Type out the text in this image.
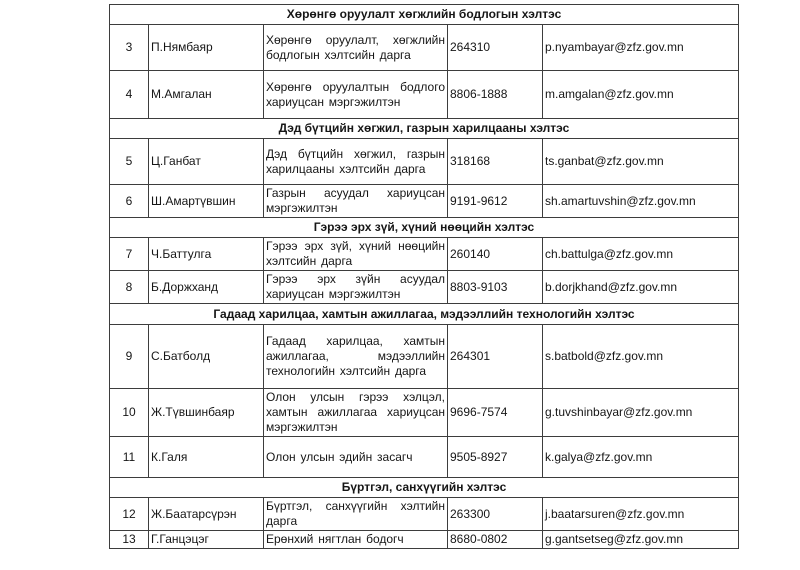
Хөрөнгө оруулалт хөгжлийн бодлогын хэлтэс				
3	П.Нямбаяр	Хөрөнгө оруулалт, хөгжлийн бодлогын хэлтсийн дарга	264310	p.nyambayar@zfz.gov.mn
4	М.Амгалан	Хөрөнгө оруулалтын бодлого хариуцсан мэргэжилтэн	8806-1888	m.amgalan@zfz.gov.mn
Дэд бүтцийн хөгжил, газрын харилцааны хэлтэс				
5	Ц.Ганбат	Дэд бүтцийн хөгжил, газрын харилцааны хэлтсийн дарга	318168	ts.ganbat@zfz.gov.mn
6	Ш.Амартүвшин	Газрын асуудал хариуцсан мэргэжилтэн	9191-9612	sh.amartuvshin@zfz.gov.mn
Гэрээ эрх зүй, хүний нөөцийн хэлтэс				
7	Ч.Баттулга	Гэрээ эрх зүй, хүний нөөцийн хэлтсийн дарга	260140	ch.battulga@zfz.gov.mn
8	Б.Доржханд	Гэрээ эрх зүйн асуудал хариуцсан мэргэжилтэн	8803-9103	b.dorjkhand@zfz.gov.mn
Гадаад харилцаа, хамтын ажиллагаа, мэдээллийн технологийн хэлтэс				
9	С.Батболд	Гадаад харилцаа, хамтын ажиллагаа, мэдээллийн технологийн хэлтсийн дарга	264301	s.batbold@zfz.gov.mn
10	Ж.Түвшинбаяр	Олон улсын гэрээ хэлцэл, хамтын ажиллагаа хариуцсан мэргэжилтэн	9696-7574	g.tuvshinbayar@zfz.gov.mn
11	К.Галя	Олон улсын эдийн засагч	9505-8927	k.galya@zfz.gov.mn
Бүртгэл, санхүүгийн хэлтэс				
12	Ж.Баатарсүрэн	Бүртгэл, санхүүгийн хэлтийн дарга	263300	j.baatarsuren@zfz.gov.mn
13	Г.Ганцэцэг	Ерөнхий нягтлан бодогч	8680-0802	g.gantsetseg@zfz.gov.mn
